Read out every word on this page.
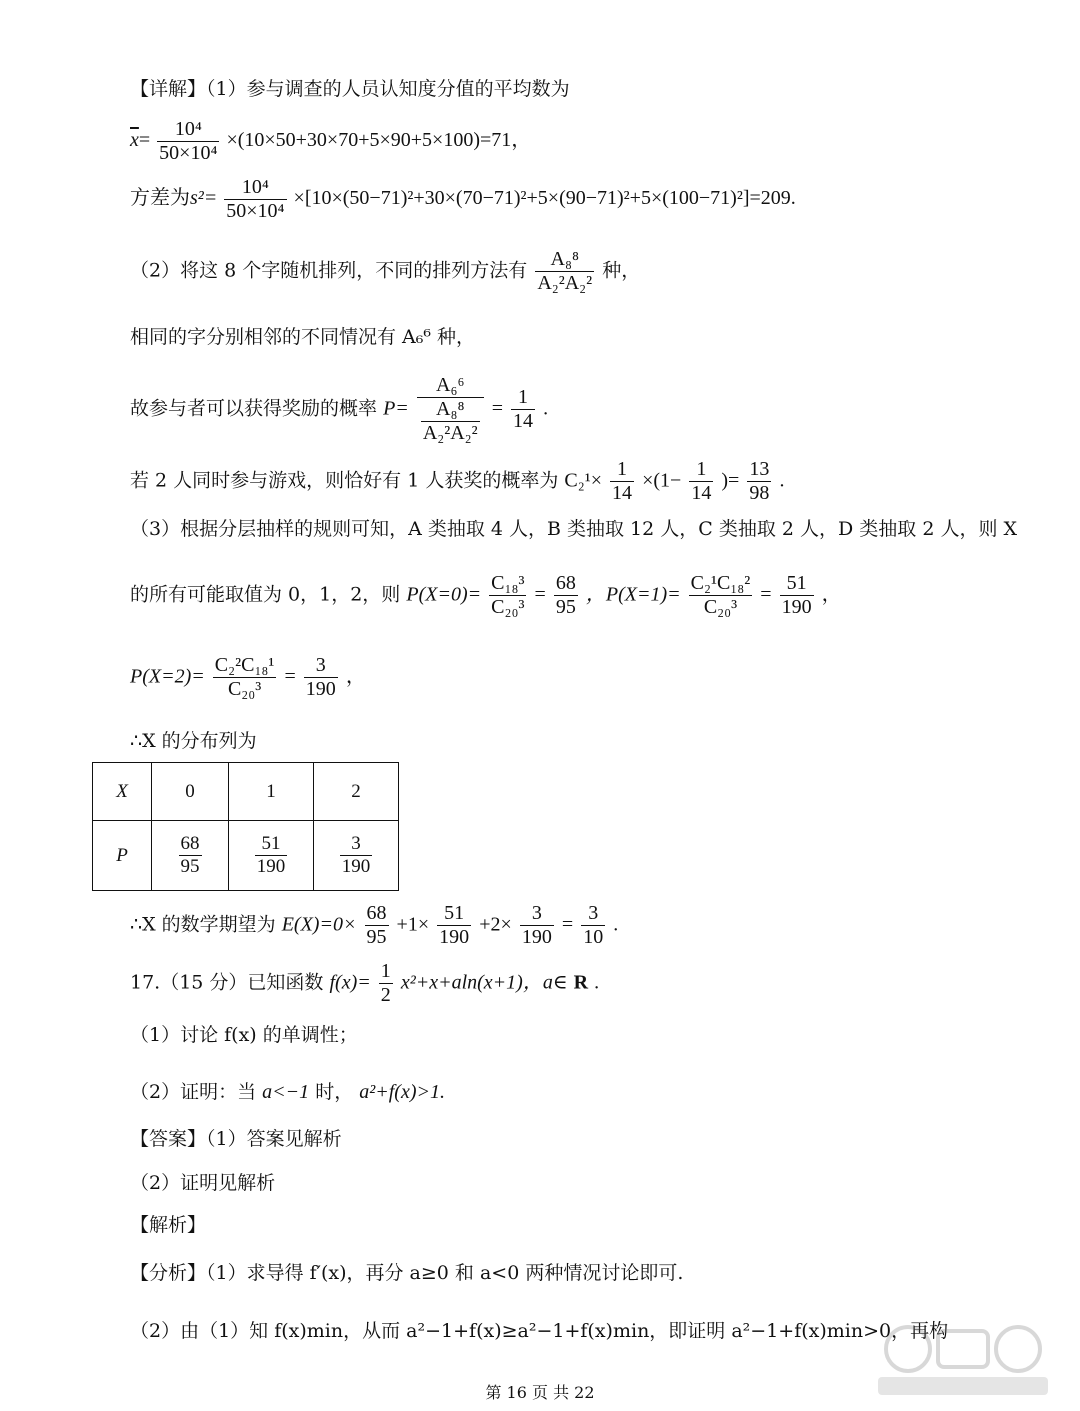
【详解】（1）参与调查的人员认知度分值的平均数为
$\overline{x}= \frac{\text{10⁴}}{\text{50×10⁴}} \times(10\times 50+30\times 70+5\times 90+5\times 100)=71$，
方差为$s^2= \frac{\text{10⁴}}{\text{50×10⁴}} \times[10\times(50-71)^2+30\times(70-71)^2+5\times(90-71)^2+5\times(100-71)^2]=209$.
（2）将这 8 个字随机排列，不同的排列方法有 $\frac{\text{A₈⁸}}{\text{A₂²A₂²}}$ 种，
相同的字分别相邻的不同情况有 A₆⁶ 种，
故参与者可以获得奖励的概率 $P= \frac{\text{A₆⁶}}{\frac{\text{A₈⁸}}{\text{A₂²A₂²}}} = \frac{1}{14}$ .
若 2 人同时参与游戏，则恰好有 1 人获奖的概率为 $C_2^1\times \frac{1}{14} \times(1- \frac{1}{14}$ )= $\frac{13}{98}$ .
（3）根据分层抽样的规则可知，A 类抽取 4 人，B 类抽取 12 人，C 类抽取 2 人，D 类抽取 2 人，则 X
的所有可能取值为 0，1，2，则 $P(X=0)= \frac{\text{C₁₈³}}{\text{C₂₀³}} = \frac{68}{95}$ ，$P(X=1)= \frac{\text{C₂¹C₁₈²}}{\text{C₂₀³}} = \frac{51}{190}$ ，
$P(X=2)= \frac{\text{C₂²C₁₈¹}}{\text{C₂₀³}} = \frac{3}{190}$ ，
∴X 的分布列为
X	0	1	2
P	$\frac{68}{95}$	$\frac{51}{190}$	$\frac{3}{190}$
∴X 的数学期望为 $E(X)=0\times \frac{68}{95} +1\times \frac{51}{190} +2\times \frac{3}{190} = \frac{3}{10}$ .
17.（15 分）已知函数 $f(x)= \frac{1}{2} x^2+x+aln(x+1)$，a∈ R .
（1）讨论 f(x) 的单调性；
（2）证明：当 a<−1 时， a²+f(x)>1.
【答案】（1）答案见解析
（2）证明见解析
【解析】
【分析】（1）求导得 f′(x)，再分 a≥0 和 a<0 两种情况讨论即可.
（2）由（1）知 f(x)min，从而 a²−1+f(x)≥a²−1+f(x)min，即证明 a²−1+f(x)min>0，再构
第 16 页 共 22
